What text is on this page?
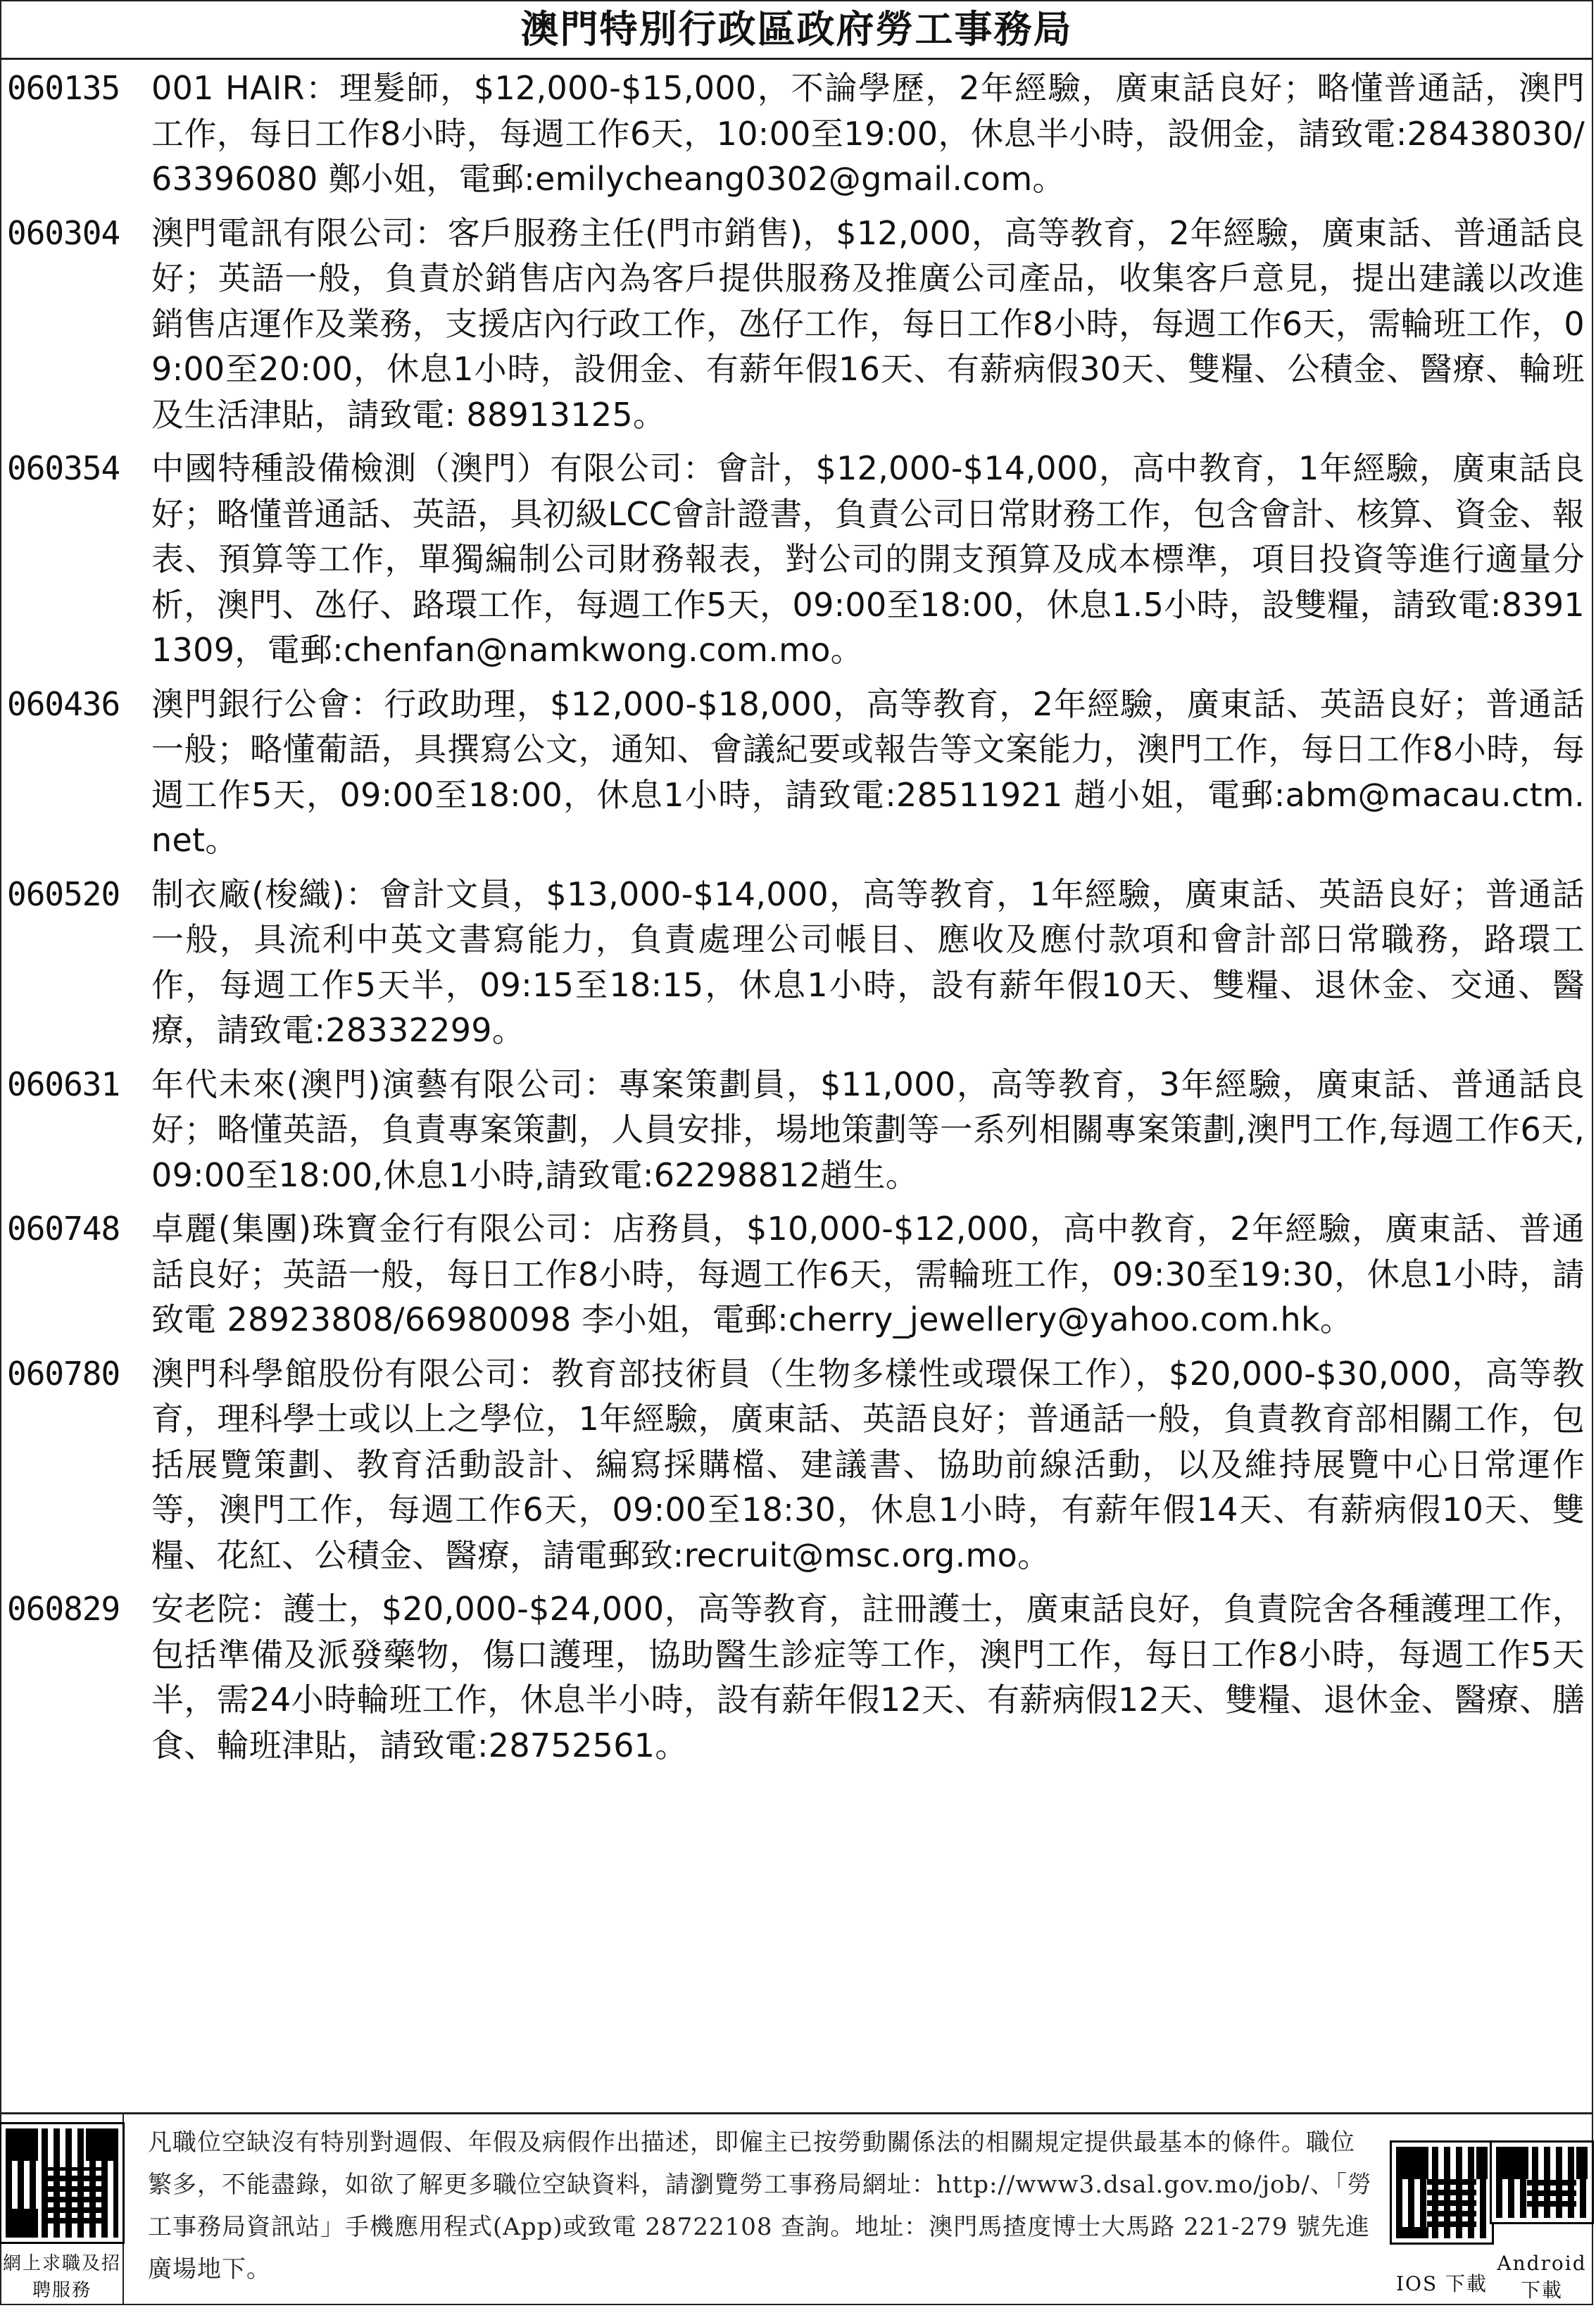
澳門特別行政區政府勞工事務局
060135 001 HAIR：理髮師，$12,000-$15,000，不論學歷，2年經驗，廣東話良好；略懂普通話，澳門工作，每日工作8小時，每週工作6天，10:00至19:00，休息半小時，設佣金，請致電:28438030/63396080 鄭小姐，電郵:emilycheang0302@gmail.com。
060304 澳門電訊有限公司：客戶服務主任(門市銷售)，$12,000，高等教育，2年經驗，廣東話、普通話良好；英語一般，負責於銷售店內為客戶提供服務及推廣公司產品，收集客戶意見，提出建議以改進銷售店運作及業務，支援店內行政工作，氹仔工作，每日工作8小時，每週工作6天，需輪班工作，09:00至20:00，休息1小時，設佣金、有薪年假16天、有薪病假30天、雙糧、公積金、醫療、輪班及生活津貼，請致電: 88913125。
060354 中國特種設備檢測（澳門）有限公司：會計，$12,000-$14,000，高中教育，1年經驗，廣東話良好；略懂普通話、英語，具初級LCC會計證書，負責公司日常財務工作，包含會計、核算、資金、報表、預算等工作，單獨編制公司財務報表，對公司的開支預算及成本標準，項目投資等進行適量分析，澳門、氹仔、路環工作，每週工作5天，09:00至18:00，休息1.5小時，設雙糧，請致電:83911309，電郵:chenfan@namkwong.com.mo。
060436 澳門銀行公會：行政助理，$12,000-$18,000，高等教育，2年經驗，廣東話、英語良好；普通話一般；略懂葡語，具撰寫公文，通知、會議紀要或報告等文案能力，澳門工作，每日工作8小時，每週工作5天，09:00至18:00，休息1小時，請致電:28511921 趙小姐，電郵:abm@macau.ctm.net。
060520 制衣廠(梭織)：會計文員，$13,000-$14,000，高等教育，1年經驗，廣東話、英語良好；普通話一般，具流利中英文書寫能力，負責處理公司帳目、應收及應付款項和會計部日常職務，路環工作，每週工作5天半，09:15至18:15，休息1小時，設有薪年假10天、雙糧、退休金、交通、醫療，請致電:28332299。
060631 年代未來(澳門)演藝有限公司：專案策劃員，$11,000，高等教育，3年經驗，廣東話、普通話良好；略懂英語，負責專案策劃，人員安排，場地策劃等一系列相關專案策劃,澳門工作,每週工作6天,09:00至18:00,休息1小時,請致電:62298812趙生。
060748 卓麗(集團)珠寶金行有限公司：店務員，$10,000-$12,000，高中教育，2年經驗，廣東話、普通話良好；英語一般，每日工作8小時，每週工作6天，需輪班工作，09:30至19:30，休息1小時，請致電 28923808/66980098 李小姐，電郵:cherry_jewellery@yahoo.com.hk。
060780 澳門科學館股份有限公司：教育部技術員（生物多樣性或環保工作），$20,000-$30,000，高等教育，理科學士或以上之學位，1年經驗，廣東話、英語良好；普通話一般，負責教育部相關工作，包括展覽策劃、教育活動設計、編寫採購檔、建議書、協助前線活動，以及維持展覽中心日常運作等，澳門工作，每週工作6天，09:00至18:30，休息1小時，有薪年假14天、有薪病假10天、雙糧、花紅、公積金、醫療，請電郵致:recruit@msc.org.mo。
060829 安老院：護士，$20,000-$24,000，高等教育，註冊護士，廣東話良好，負責院舍各種護理工作，包括準備及派發藥物，傷口護理，協助醫生診症等工作，澳門工作，每日工作8小時，每週工作5天半，需24小時輪班工作，休息半小時，設有薪年假12天、有薪病假12天、雙糧、退休金、醫療、膳食、輪班津貼，請致電:28752561。
網上求職及招聘服務
凡職位空缺沒有特別對週假、年假及病假作出描述，即僱主已按勞動關係法的相關規定提供最基本的條件。職位繁多，不能盡錄，如欲了解更多職位空缺資料，請瀏覽勞工事務局網址：http://www3.dsal.gov.mo/job/、「勞工事務局資訊站」手機應用程式(App)或致電 28722108 查詢。地址：澳門馬揸度博士大馬路 221-279 號先進廣場地下。
IOS 下載
Android 下載
